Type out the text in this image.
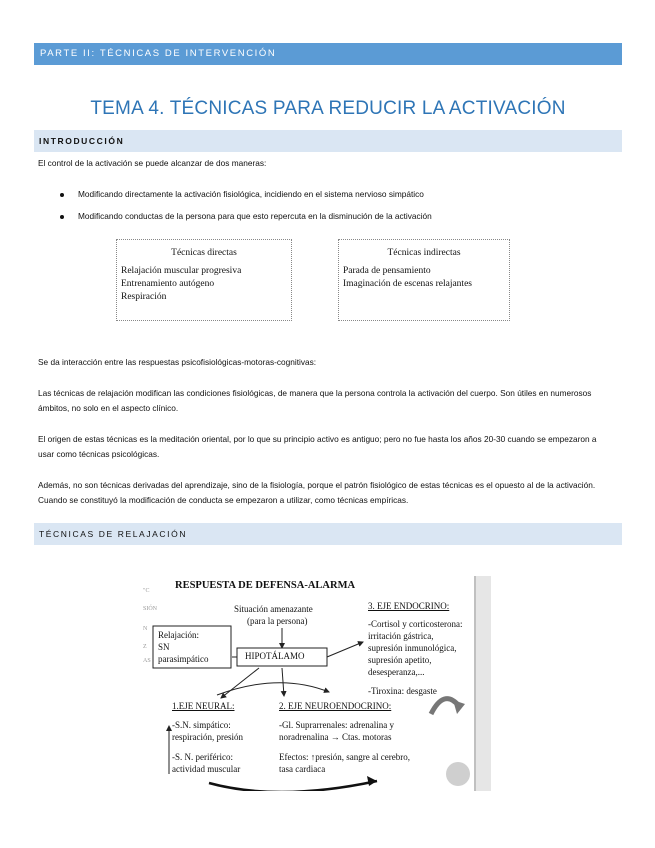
PARTE II: TÉCNICAS DE INTERVENCIÓN
TEMA 4. TÉCNICAS PARA REDUCIR LA ACTIVACIÓN
INTRODUCCIÓN
El control de la activación se puede alcanzar de dos maneras:
Modificando directamente la activación fisiológica, incidiendo en el sistema nervioso simpático
Modificando conductas de la persona para que esto repercuta en la disminución de la activación
Técnicas directas
Relajación muscular progresiva
Entrenamiento autógeno
Respiración
Técnicas indirectas
Parada de pensamiento
Imaginación de escenas relajantes
Se da interacción entre las respuestas psicofisiológicas-motoras-cognitivas:
Las técnicas de relajación modifican las condiciones fisiológicas, de manera que la persona controla la activación del cuerpo. Son útiles en numerosos ámbitos, no solo en el aspecto clínico.
El origen de estas técnicas es la meditación oriental, por lo que su principio activo es antiguo; pero no fue hasta los años 20-30 cuando se empezaron a usar como técnicas psicológicas.
Además, no son técnicas derivadas del aprendizaje, sino de la fisiología, porque el patrón fisiológico de estas técnicas es el opuesto al de la activación. Cuando se constituyó la modificación de conducta se empezaron a utilizar, como técnicas empíricas.
TÉCNICAS DE RELAJACIÓN
RESPUESTA DE DEFENSA-ALARMA
"C
SIÓN
N
Z
AS
Situación amenazante
(para la persona)
Relajación:
SN
parasimpático	HIPOTÁLAMO
3. EJE ENDOCRINO:
-Cortisol y corticosterona:
irritación gástrica,
supresión inmunológica,
supresión apetito,
desesperanza,...
-Tiroxina: desgaste
1.EJE NEURAL:
-S.N. simpático:
respiración, presión
-S. N. periférico:
actividad muscular
2. EJE NEUROENDOCRINO:
-Gl. Suprarrenales: adrenalina y
noradrenalina → Ctas. motoras
Efectos: ↑presión, sangre al cerebro,
tasa cardiaca
